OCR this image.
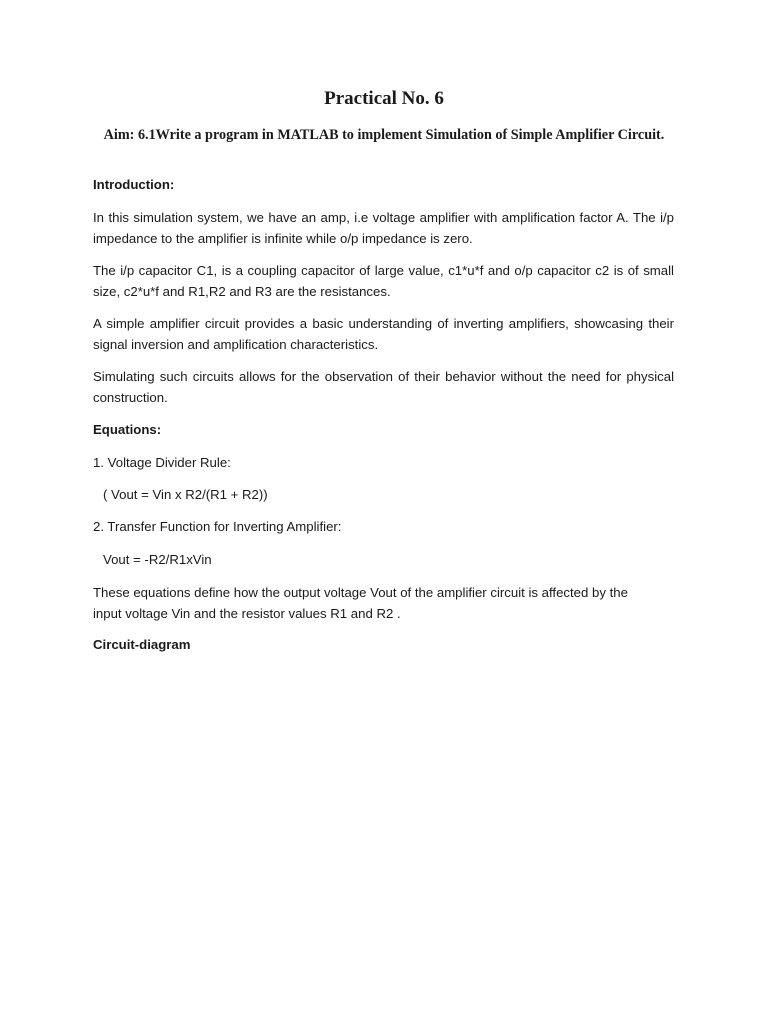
Practical No. 6
Aim: 6.1Write a program in MATLAB to implement Simulation of Simple Amplifier Circuit.

Introduction:

In this simulation system, we have an amp, i.e voltage amplifier with amplification factor A. The i/p impedance to the amplifier is infinite while o/p impedance is zero.

The i/p capacitor C1, is a coupling capacitor of large value, c1*u*f and o/p capacitor c2 is of small size, c2*u*f and R1,R2 and R3 are the resistances.

A simple amplifier circuit provides a basic understanding of inverting amplifiers, showcasing their signal inversion and amplification characteristics.

Simulating such circuits allows for the observation of their behavior without the need for physical construction.

Equations:

1. Voltage Divider Rule:

( Vout = Vin x R2/(R1 + R2))

2. Transfer Function for Inverting Amplifier:

Vout = -R2/R1xVin

These equations define how the output voltage Vout of the amplifier circuit is affected by the input voltage Vin and the resistor values R1 and R2 .

Circuit-diagram
